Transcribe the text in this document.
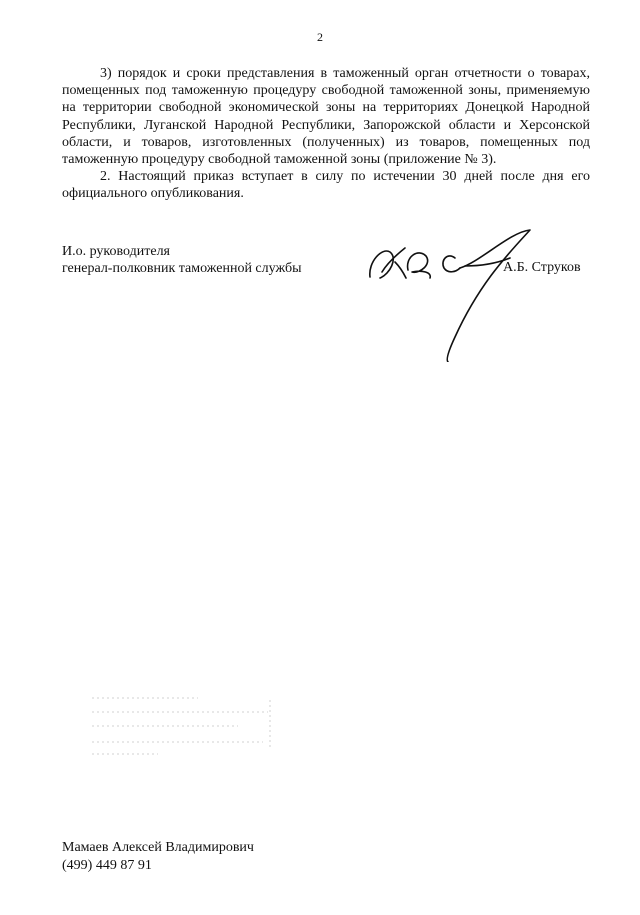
2

3) порядок и сроки представления в таможенный орган отчетности о товарах, помещенных под таможенную процедуру свободной таможенной зоны, применяемую на территории свободной экономической зоны на территориях Донецкой Народной Республики, Луганской Народной Республики, Запорожской области и Херсонской области, и товаров, изготовленных (полученных) из товаров, помещенных под таможенную процедуру свободной таможенной зоны (приложение № 3).

2. Настоящий приказ вступает в силу по истечении 30 дней после дня его официального опубликования.

И.о. руководителя
генерал-полковник таможенной службы	А.Б. Струков
Мамаев Алексей Владимирович
(499) 449 87 91
